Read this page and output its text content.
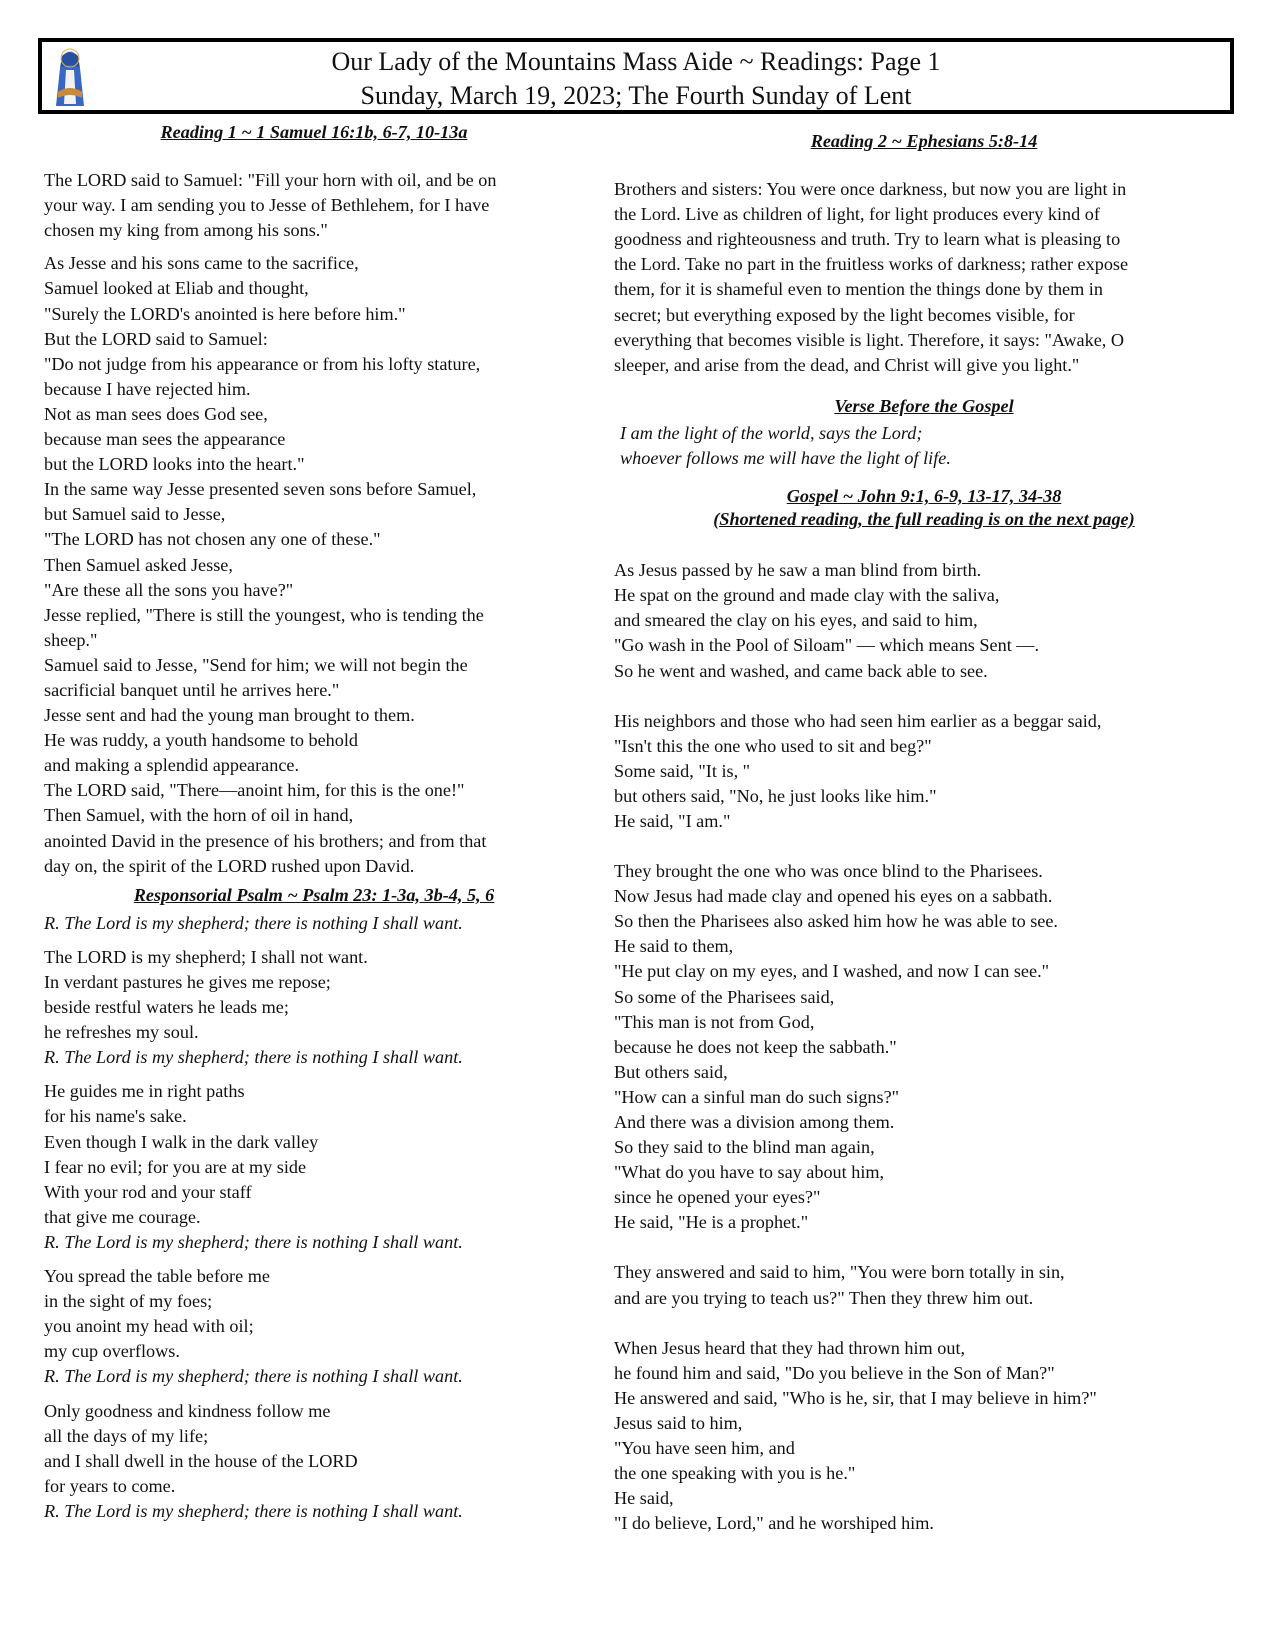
Our Lady of the Mountains Mass Aide ~ Readings: Page 1
Sunday, March 19, 2023; The Fourth Sunday of Lent

Reading 1 ~ 1 Samuel 16:1b, 6-7, 10-13a

The LORD said to Samuel: "Fill your horn with oil, and be on
your way. I am sending you to Jesse of Bethlehem, for I have
chosen my king from among his sons."

As Jesse and his sons came to the sacrifice,
Samuel looked at Eliab and thought,
"Surely the LORD's anointed is here before him."
But the LORD said to Samuel:
"Do not judge from his appearance or from his lofty stature,
because I have rejected him.
Not as man sees does God see,
because man sees the appearance
but the LORD looks into the heart."
In the same way Jesse presented seven sons before Samuel,
but Samuel said to Jesse,
"The LORD has not chosen any one of these."
Then Samuel asked Jesse,
"Are these all the sons you have?"
Jesse replied, "There is still the youngest, who is tending the
sheep."
Samuel said to Jesse, "Send for him; we will not begin the
sacrificial banquet until he arrives here."
Jesse sent and had the young man brought to them.
He was ruddy, a youth handsome to behold
and making a splendid appearance.
The LORD said, "There—anoint him, for this is the one!"
Then Samuel, with the horn of oil in hand,
anointed David in the presence of his brothers; and from that
day on, the spirit of the LORD rushed upon David.

Responsorial Psalm ~ Psalm 23: 1-3a, 3b-4, 5, 6

R. The Lord is my shepherd; there is nothing I shall want.

The LORD is my shepherd; I shall not want.
In verdant pastures he gives me repose;
beside restful waters he leads me;
he refreshes my soul.

R. The Lord is my shepherd; there is nothing I shall want.

He guides me in right paths
for his name's sake.
Even though I walk in the dark valley
I fear no evil; for you are at my side
With your rod and your staff
that give me courage.

R. The Lord is my shepherd; there is nothing I shall want.

You spread the table before me
in the sight of my foes;
you anoint my head with oil;
my cup overflows.

R. The Lord is my shepherd; there is nothing I shall want.

Only goodness and kindness follow me
all the days of my life;
and I shall dwell in the house of the LORD
for years to come.

R. The Lord is my shepherd; there is nothing I shall want.

Reading 2 ~ Ephesians 5:8-14

Brothers and sisters: You were once darkness, but now you are light in
the Lord. Live as children of light, for light produces every kind of
goodness and righteousness and truth. Try to learn what is pleasing to
the Lord. Take no part in the fruitless works of darkness; rather expose
them, for it is shameful even to mention the things done by them in
secret; but everything exposed by the light becomes visible, for
everything that becomes visible is light. Therefore, it says: "Awake, O
sleeper, and arise from the dead, and Christ will give you light."

Verse Before the Gospel

I am the light of the world, says the Lord;
whoever follows me will have the light of life.

Gospel ~ John 9:1, 6-9, 13-17, 34-38

(Shortened reading, the full reading is on the next page)

As Jesus passed by he saw a man blind from birth.
He spat on the ground and made clay with the saliva,
and smeared the clay on his eyes, and said to him,
"Go wash in the Pool of Siloam" — which means Sent —.
So he went and washed, and came back able to see.

His neighbors and those who had seen him earlier as a beggar said,
"Isn't this the one who used to sit and beg?"
Some said, "It is, "
but others said, "No, he just looks like him."
He said, "I am."

They brought the one who was once blind to the Pharisees.
Now Jesus had made clay and opened his eyes on a sabbath.
So then the Pharisees also asked him how he was able to see.
He said to them,
"He put clay on my eyes, and I washed, and now I can see."
So some of the Pharisees said,
"This man is not from God,
because he does not keep the sabbath."
But others said,
"How can a sinful man do such signs?"
And there was a division among them.
So they said to the blind man again,
"What do you have to say about him,
since he opened your eyes?"
He said, "He is a prophet."

They answered and said to him, "You were born totally in sin,
and are you trying to teach us?" Then they threw him out.

When Jesus heard that they had thrown him out,
he found him and said, "Do you believe in the Son of Man?"
He answered and said, "Who is he, sir, that I may believe in him?"
Jesus said to him,
"You have seen him, and
the one speaking with you is he."
He said,
"I do believe, Lord," and he worshiped him.
